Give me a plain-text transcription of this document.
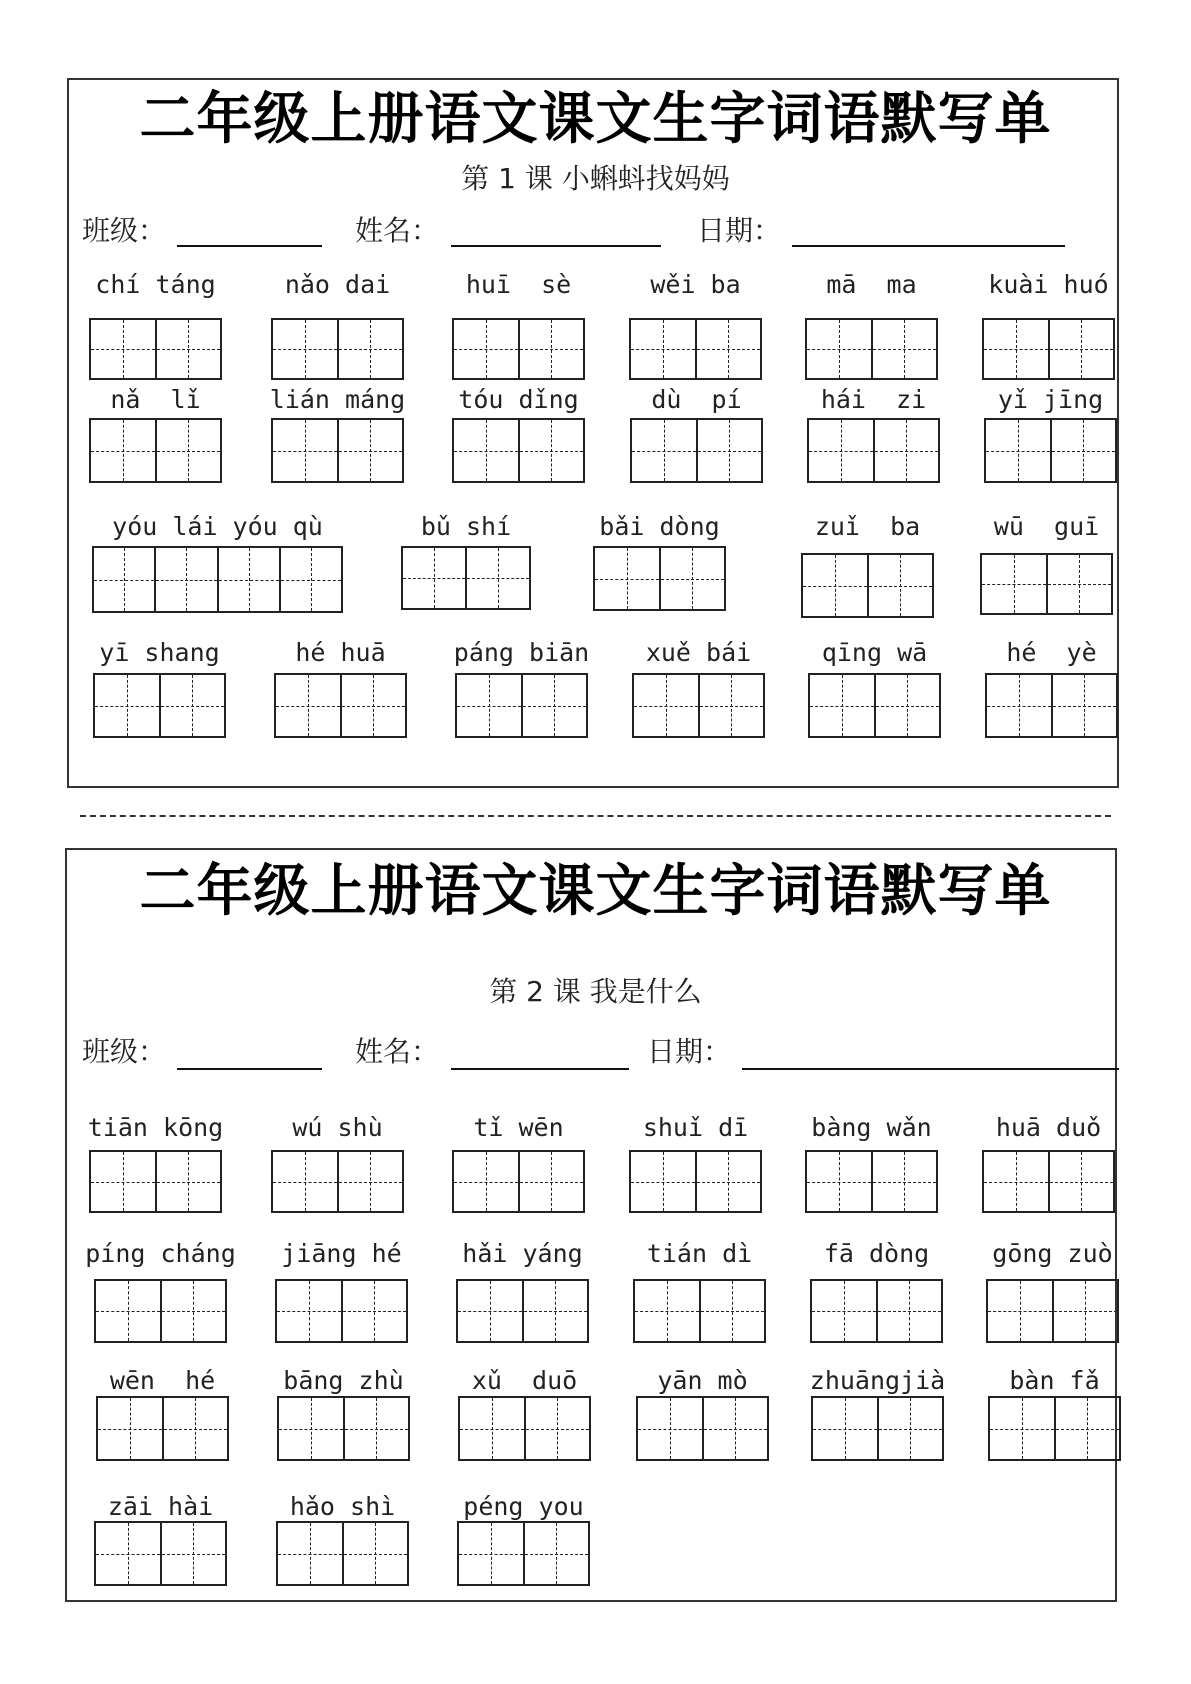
二年级上册语文课文生字词语默写单
第 1 课 小蝌蚪找妈妈
班级：	姓名：	日期：
chí táng	nǎo dai	huī  sè	wěi ba	mā  ma	kuài huó
nǎ  lǐ	lián máng	tóu dǐng	dù  pí	hái  zi	yǐ jīng
yóu lái yóu qù	bǔ shí	bǎi dòng	zuǐ  ba	wū  guī
yī shang	hé huā	páng biān	xuě bái	qīng wā	hé  yè
二年级上册语文课文生字词语默写单
第 2 课 我是什么
班级：	姓名：	日期：
tiān kōng	wú shù	tǐ wēn	shuǐ dī	bàng wǎn	huā duǒ
píng cháng	jiāng hé	hǎi yáng	tián dì	fā dòng	gōng zuò
wēn  hé	bāng zhù	xǔ  duō	yān mò	zhuāngjià	bàn fǎ
zāi hài	hǎo shì	péng you
